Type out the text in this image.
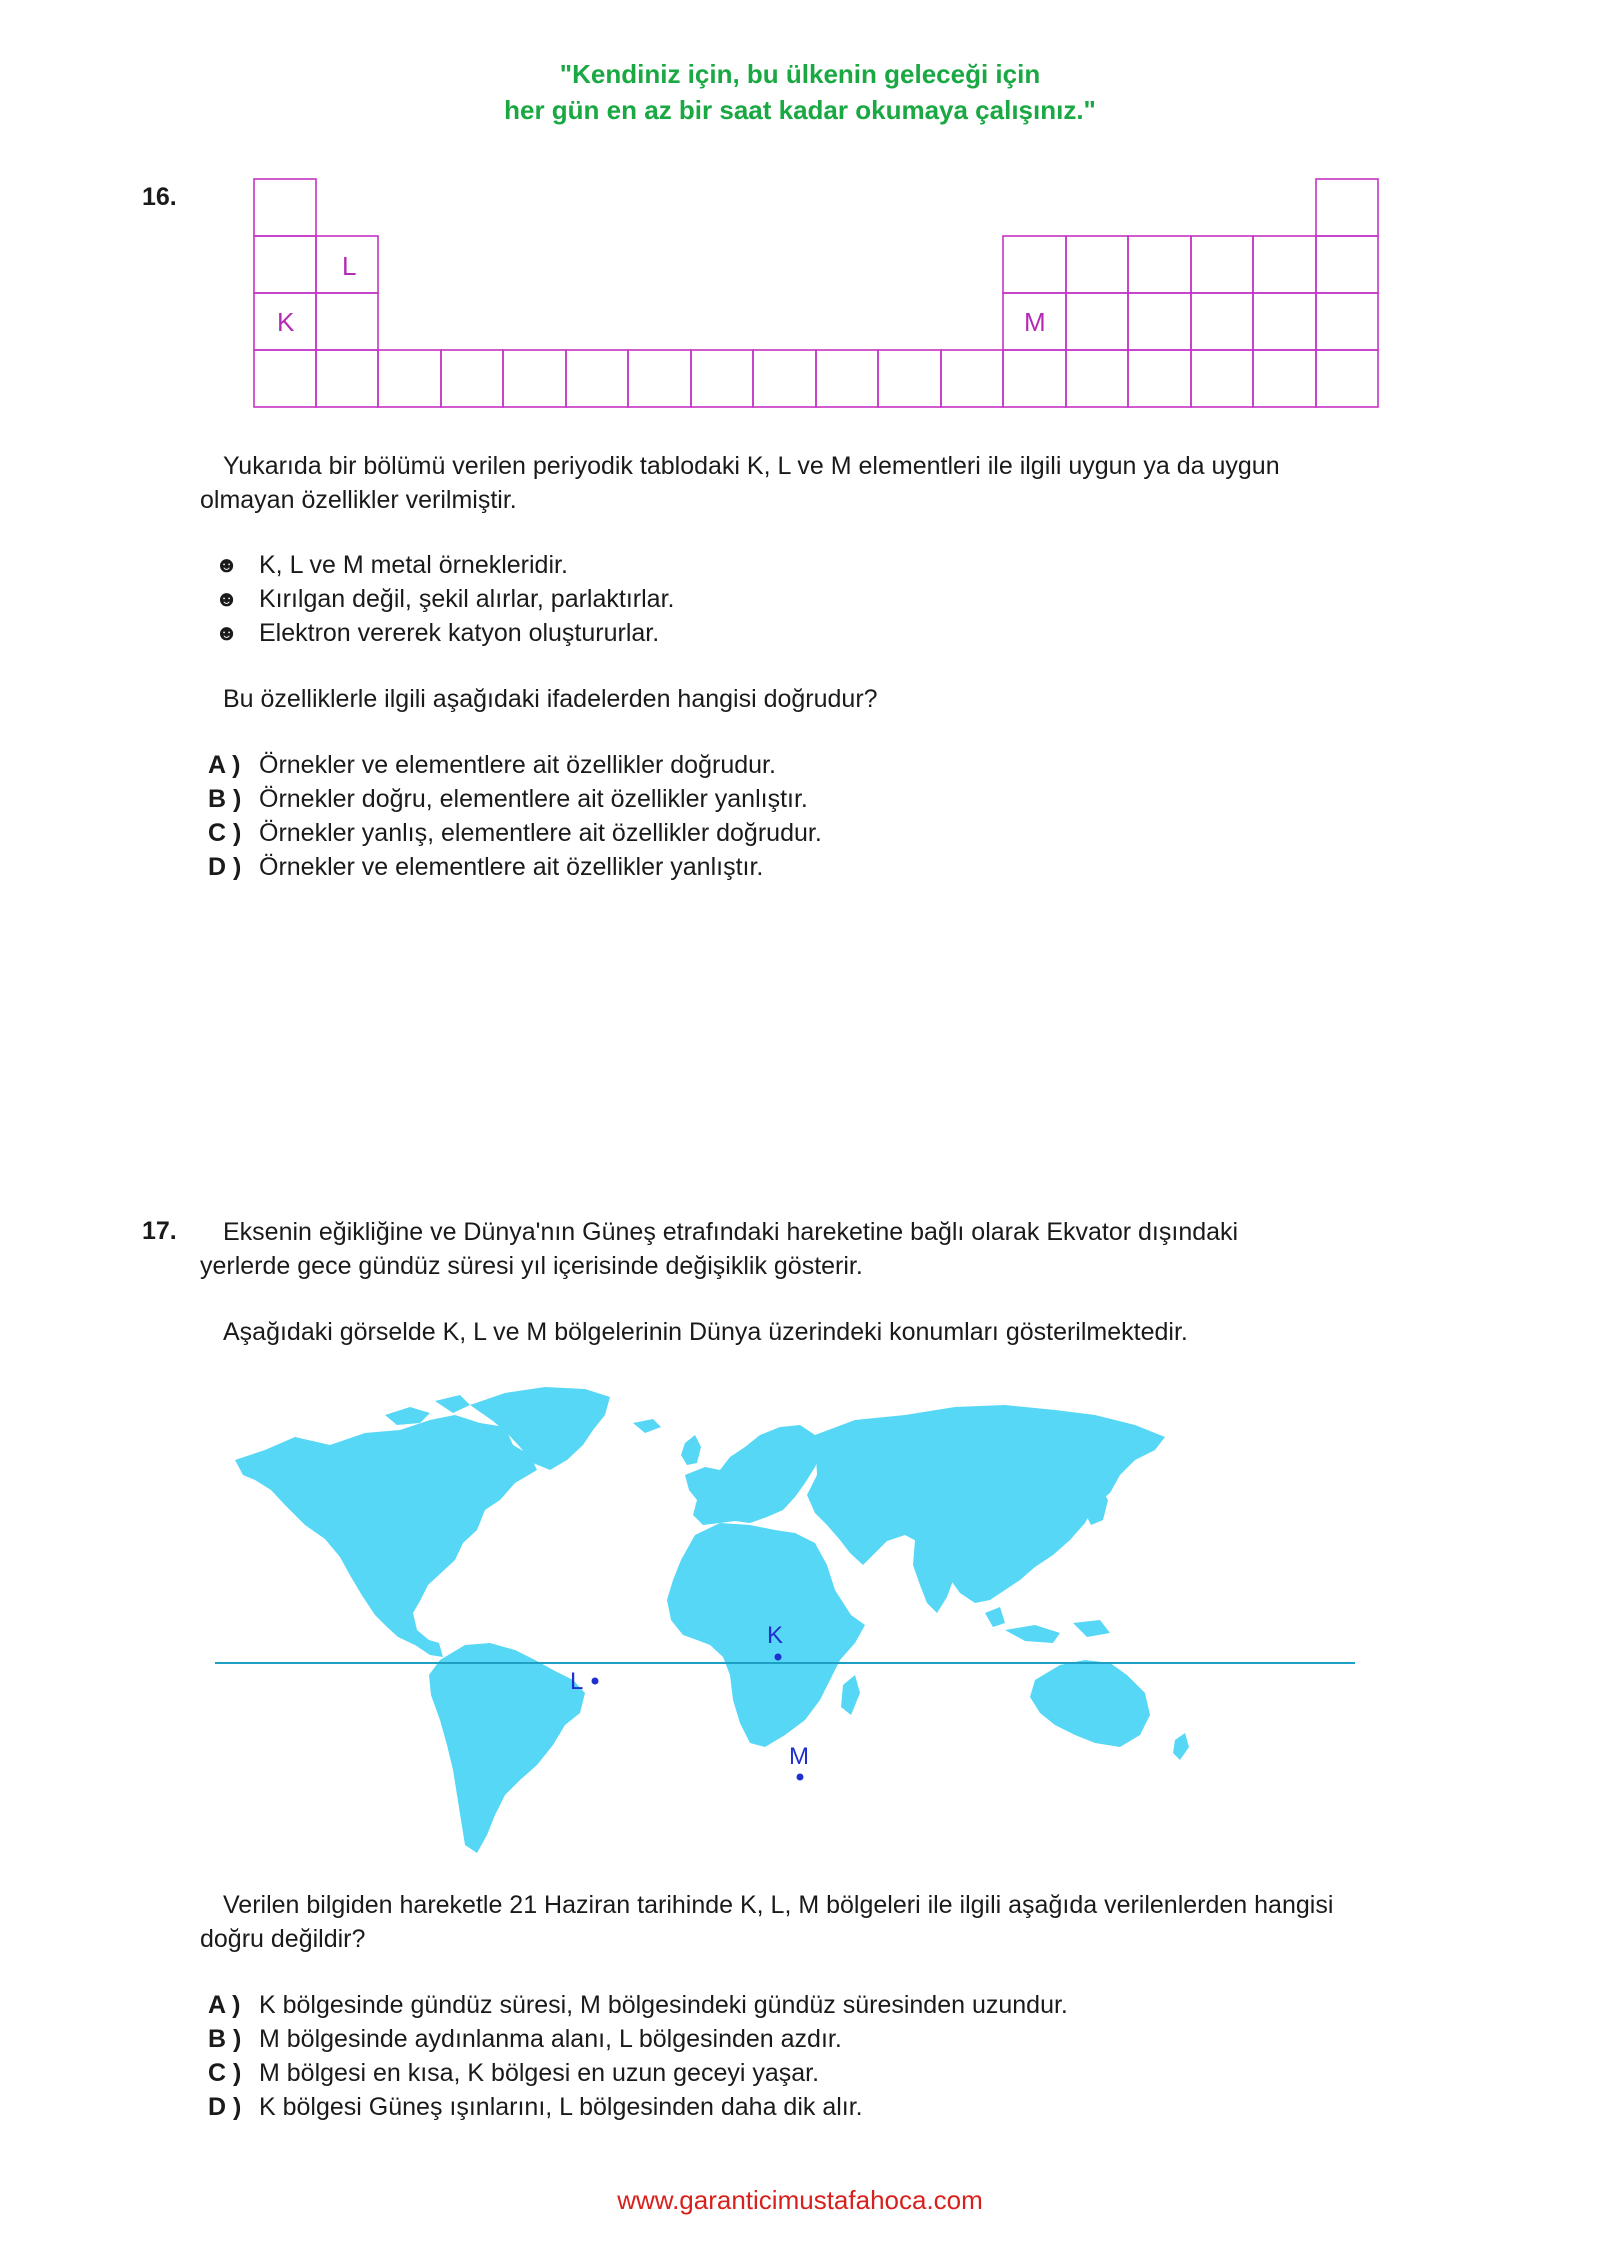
"Kendiniz için, bu ülkenin geleceği için
her gün en az bir saat kadar okumaya çalışınız."
16.
L
K	M
Yukarıda bir bölümü verilen periyodik tablodaki K, L ve M elementleri ile ilgili uygun ya da uygun
olmayan özellikler verilmiştir.
☻ K, L ve M metal örnekleridir.
☻ Kırılgan değil, şekil alırlar, parlaktırlar.
☻ Elektron vererek katyon oluştururlar.
Bu özelliklerle ilgili aşağıdaki ifadelerden hangisi doğrudur?
A ) Örnekler ve elementlere ait özellikler doğrudur.
B ) Örnekler doğru, elementlere ait özellikler yanlıştır.
C ) Örnekler yanlış, elementlere ait özellikler doğrudur.
D ) Örnekler ve elementlere ait özellikler yanlıştır.
17. Eksenin eğikliğine ve Dünya'nın Güneş etrafındaki hareketine bağlı olarak Ekvator dışındaki
yerlerde gece gündüz süresi yıl içerisinde değişiklik gösterir.
Aşağıdaki görselde K, L ve M bölgelerinin Dünya üzerindeki konumları gösterilmektedir.
K
L
M
Verilen bilgiden hareketle 21 Haziran tarihinde K, L, M bölgeleri ile ilgili aşağıda verilenlerden hangisi
doğru değildir?
A ) K bölgesinde gündüz süresi, M bölgesindeki gündüz süresinden uzundur.
B ) M bölgesinde aydınlanma alanı, L bölgesinden azdır.
C ) M bölgesi en kısa, K bölgesi en uzun geceyi yaşar.
D ) K bölgesi Güneş ışınlarını, L bölgesinden daha dik alır.
www.garanticimustafahoca.com
